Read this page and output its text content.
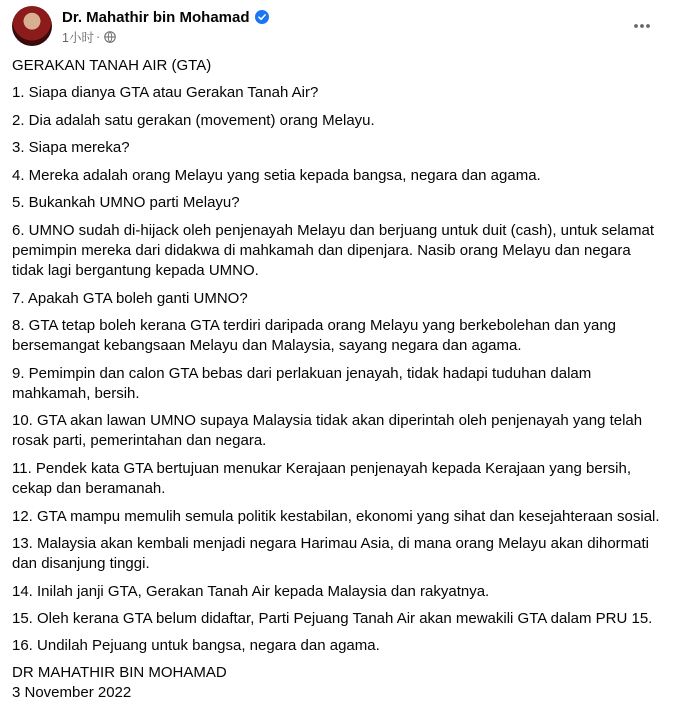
Dr. Mahathir bin Mohamad
1小时 ·

GERAKAN TANAH AIR (GTA)

1. Siapa dianya GTA atau Gerakan Tanah Air?

2. Dia adalah satu gerakan (movement) orang Melayu.

3. Siapa mereka?

4. Mereka adalah orang Melayu yang setia kepada bangsa, negara dan agama.

5. Bukankah UMNO parti Melayu?

6. UMNO sudah di-hijack oleh penjenayah Melayu dan berjuang untuk duit (cash), untuk selamat pemimpin mereka dari didakwa di mahkamah dan dipenjara. Nasib orang Melayu dan negara tidak lagi bergantung kepada UMNO.

7. Apakah GTA boleh ganti UMNO?

8. GTA tetap boleh kerana GTA terdiri daripada orang Melayu yang berkebolehan dan yang bersemangat kebangsaan Melayu dan Malaysia, sayang negara dan agama.

9. Pemimpin dan calon GTA bebas dari perlakuan jenayah, tidak hadapi tuduhan dalam mahkamah, bersih.

10. GTA akan lawan UMNO supaya Malaysia tidak akan diperintah oleh penjenayah yang telah rosak parti, pemerintahan dan negara.

11. Pendek kata GTA bertujuan menukar Kerajaan penjenayah kepada Kerajaan yang bersih, cekap dan beramanah.

12. GTA mampu memulih semula politik kestabilan, ekonomi yang sihat dan kesejahteraan sosial.

13. Malaysia akan kembali menjadi negara Harimau Asia, di mana orang Melayu akan dihormati dan disanjung tinggi.

14. Inilah janji GTA, Gerakan Tanah Air kepada Malaysia dan rakyatnya.

15. Oleh kerana GTA belum didaftar, Parti Pejuang Tanah Air akan mewakili GTA dalam PRU 15.

16. Undilah Pejuang untuk bangsa, negara dan agama.

DR MAHATHIR BIN MOHAMAD

3 November 2022
